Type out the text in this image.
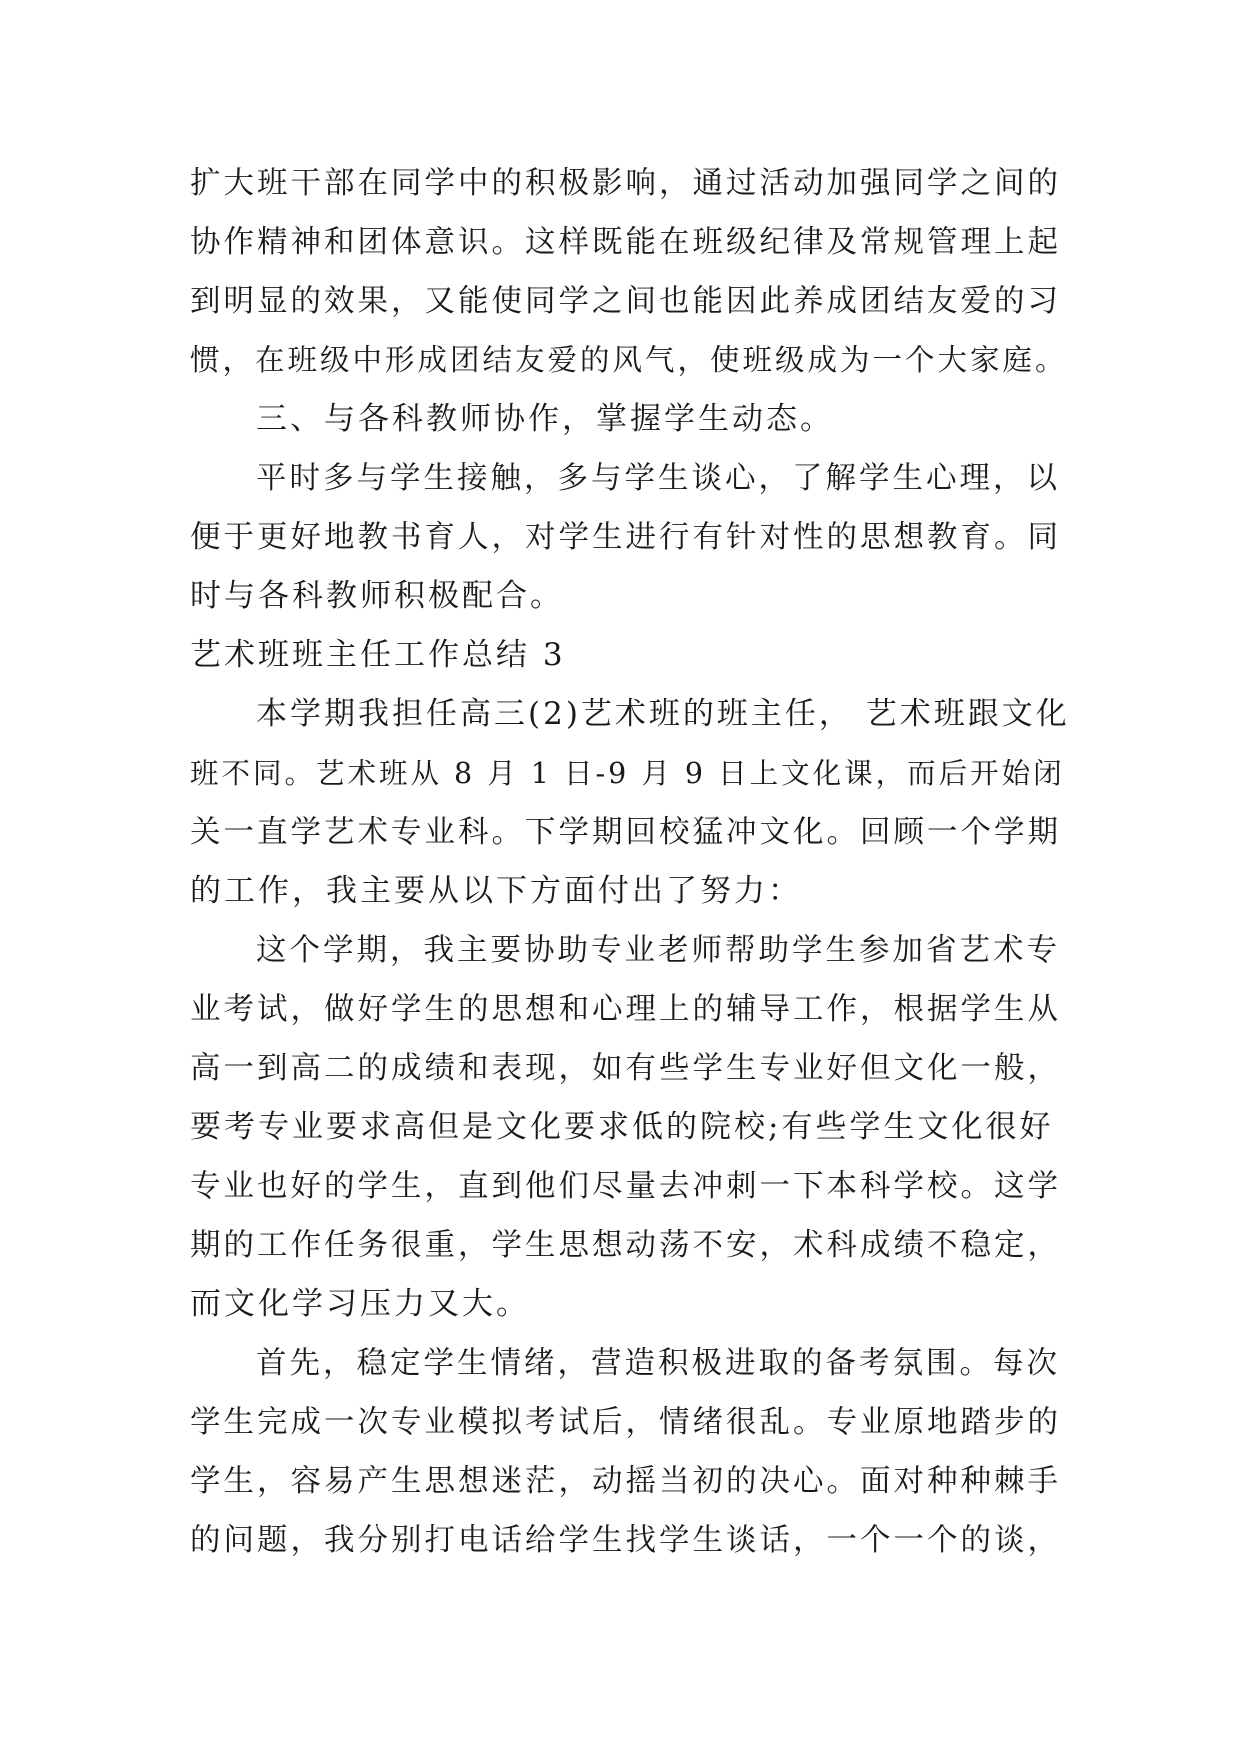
扩大班干部在同学中的积极影响，通过活动加强同学之间的

协作精神和团体意识。这样既能在班级纪律及常规管理上起

到明显的效果，又能使同学之间也能因此养成团结友爱的习

惯，在班级中形成团结友爱的风气，使班级成为一个大家庭。

三、与各科教师协作，掌握学生动态。

平时多与学生接触，多与学生谈心，了解学生心理，以

便于更好地教书育人，对学生进行有针对性的思想教育。同

时与各科教师积极配合。

艺术班班主任工作总结 3

本学期我担任高三(2)艺术班的班主任， 艺术班跟文化

班不同。艺术班从 8 月 1 日-9 月 9 日上文化课，而后开始闭

关一直学艺术专业科。下学期回校猛冲文化。回顾一个学期

的工作，我主要从以下方面付出了努力：

这个学期，我主要协助专业老师帮助学生参加省艺术专

业考试，做好学生的思想和心理上的辅导工作，根据学生从

高一到高二的成绩和表现，如有些学生专业好但文化一般，

要考专业要求高但是文化要求低的院校;有些学生文化很好

专业也好的学生，直到他们尽量去冲刺一下本科学校。这学

期的工作任务很重，学生思想动荡不安，术科成绩不稳定，

而文化学习压力又大。

首先，稳定学生情绪，营造积极进取的备考氛围。每次

学生完成一次专业模拟考试后，情绪很乱。专业原地踏步的

学生，容易产生思想迷茫，动摇当初的决心。面对种种棘手

的问题，我分别打电话给学生找学生谈话，一个一个的谈，
